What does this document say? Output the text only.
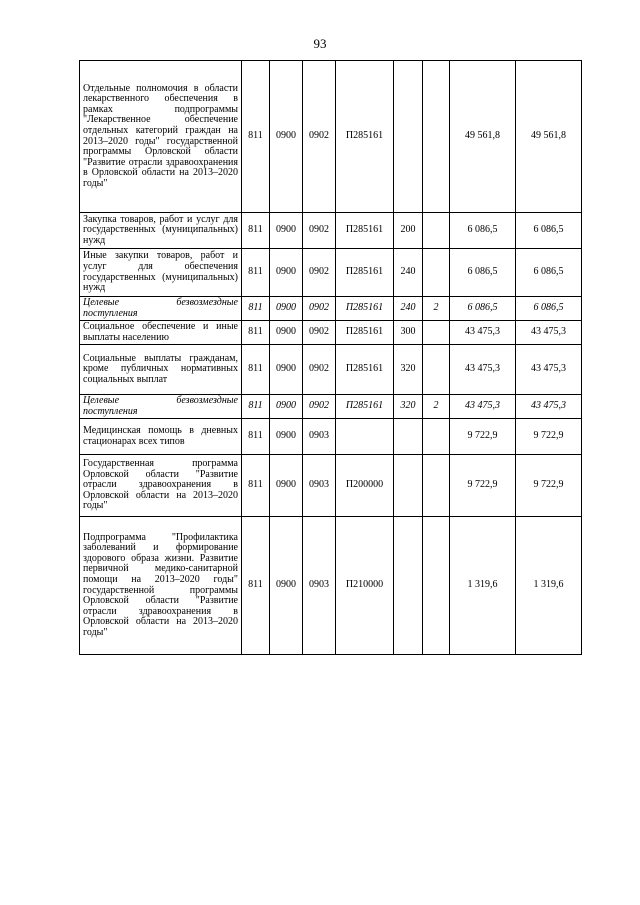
93
Отдельные полномочия в области лекарственного обеспечения в рамках подпрограммы "Лекарственное обеспечение отдельных категорий граждан на 2013–2020 годы" государственной программы Орловской области "Развитие отрасли здравоохранения в Орловской области на 2013–2020 годы"	811	0900	0902	П285161			49 561,8	49 561,8
Закупка товаров, работ и услуг для государственных (муниципальных) нужд	811	0900	0902	П285161	200		6 086,5	6 086,5
Иные закупки товаров, работ и услуг для обеспечения государственных (муниципальных) нужд	811	0900	0902	П285161	240		6 086,5	6 086,5
Целевые безвозмездные поступления	811	0900	0902	П285161	240	2	6 086,5	6 086,5
Социальное обеспечение и иные выплаты населению	811	0900	0902	П285161	300		43 475,3	43 475,3
Социальные выплаты гражданам, кроме публичных нормативных социальных выплат	811	0900	0902	П285161	320		43 475,3	43 475,3
Целевые безвозмездные поступления	811	0900	0902	П285161	320	2	43 475,3	43 475,3
Медицинская помощь в дневных стационарах всех типов	811	0900	0903				9 722,9	9 722,9
Государственная программа Орловской области "Развитие отрасли здравоохранения в Орловской области на 2013–2020 годы"	811	0900	0903	П200000			9 722,9	9 722,9
Подпрограмма "Профилактика заболеваний и формирование здорового образа жизни. Развитие первичной медико-санитарной помощи на 2013–2020 годы" государственной программы Орловской области "Развитие отрасли здравоохранения в Орловской области на 2013–2020 годы"	811	0900	0903	П210000			1 319,6	1 319,6
